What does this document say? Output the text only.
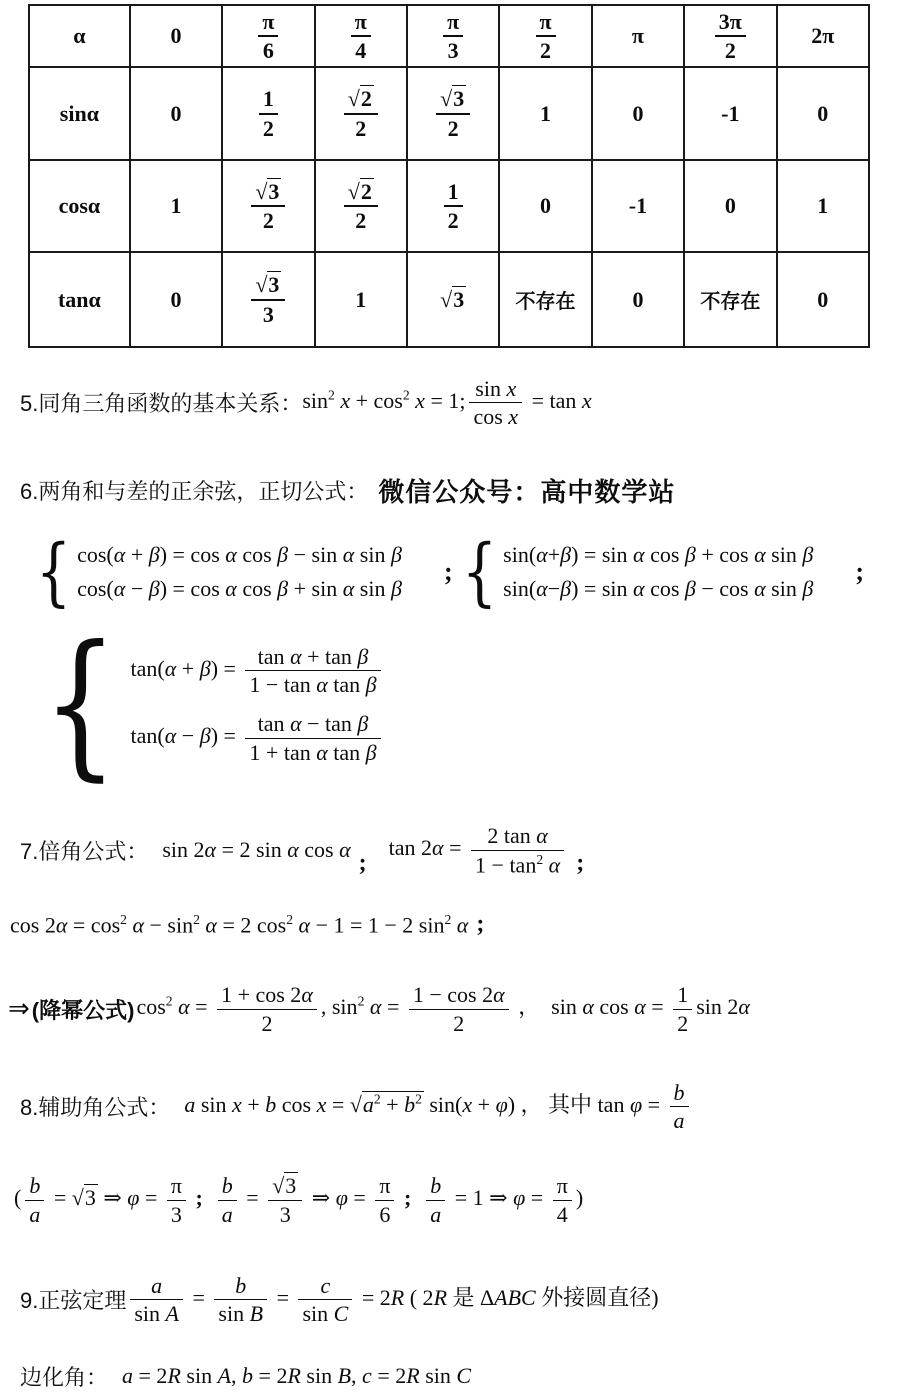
α	0	$\frac{\pi}{6}$	$\frac{\pi}{4}$	$\frac{\pi}{3}$	$\frac{\pi}{2}$	π	$\frac{3\pi}{2}$	2π
sinα	0	$\frac{1}{2}$	$\frac{√2}{2}$	$\frac{√3}{2}$	1	0	-1	0
cosα	1	$\frac{√3}{2}$	$\frac{√2}{2}$	$\frac{1}{2}$	0	-1	0	1
tanα	0	$\frac{√3}{3}$	1	√3	不存在	0	不存在	0
5.同角三角函数的基本关系： $\sin^2 x + \cos^2 x = 1$; $\frac{\text{sin x}}{\text{cos x}} = \tan x$
6.两角和与差的正余弦，正切公式： 微信公众号：高中数学站
{ cos(α + β) = cos α cos β − sin α sin β
cos(α − β) = cos α cos β + sin α sin β
; { sin(α+β) = sin α cos β + cos α sin β
sin(α−β) = sin α cos β − cos α sin β
;
{ $\tan(\alpha + \beta) = \frac{\text{tan α + tan β}}{\text{1 − tan α tan β}}$
$\tan(\alpha - \beta) = \frac{\text{tan α − tan β}}{\text{1 + tan α tan β}}$
7.倍角公式： sin 2α = 2 sin α cos α
;
$\tan 2\alpha = \frac{\text{2 tan α}}{1 - \tan^2 \alpha}$ ;
$\cos 2\alpha = \cos^2 \alpha - \sin^2 \alpha = 2$ $\cos^2 \alpha - 1 = 1 - 2$ $\sin^2 \alpha$ ;
⇒ (降幂公式) $\cos^2 \alpha = \frac{1 + \cos 2\alpha}{2}$ , $\sin^2 \alpha = \frac{1 - \cos 2\alpha}{2}$ ，  sin α $\cos \alpha = \frac{1}{2}$ sin 2α
8.辅助角公式： a sin x + b $\cos x = √a^2 + b^2$ sin(x + φ) ， 其中 $\tan \varphi = \frac{b}{a}$
( $\frac{b}{a} = √3$ ⇒ $\varphi = \frac{\pi}{3}$ ; $\frac{b}{a} = \frac{√3}{3}$ ⇒ $\varphi = \frac{\pi}{6}$ ; $\frac{b}{a} = 1$ ⇒ $\varphi = \frac{\pi}{4}$ )
9.正弦定理 $\frac{a}{\text{sin A}} = \frac{b}{\text{sin B}} = \frac{c}{\text{sin C}} = 2R$ ( 2R 是 ΔABC 外接圆直径)
边化角： a = 2R sin A, b = 2R sin B, c = 2R sin C
